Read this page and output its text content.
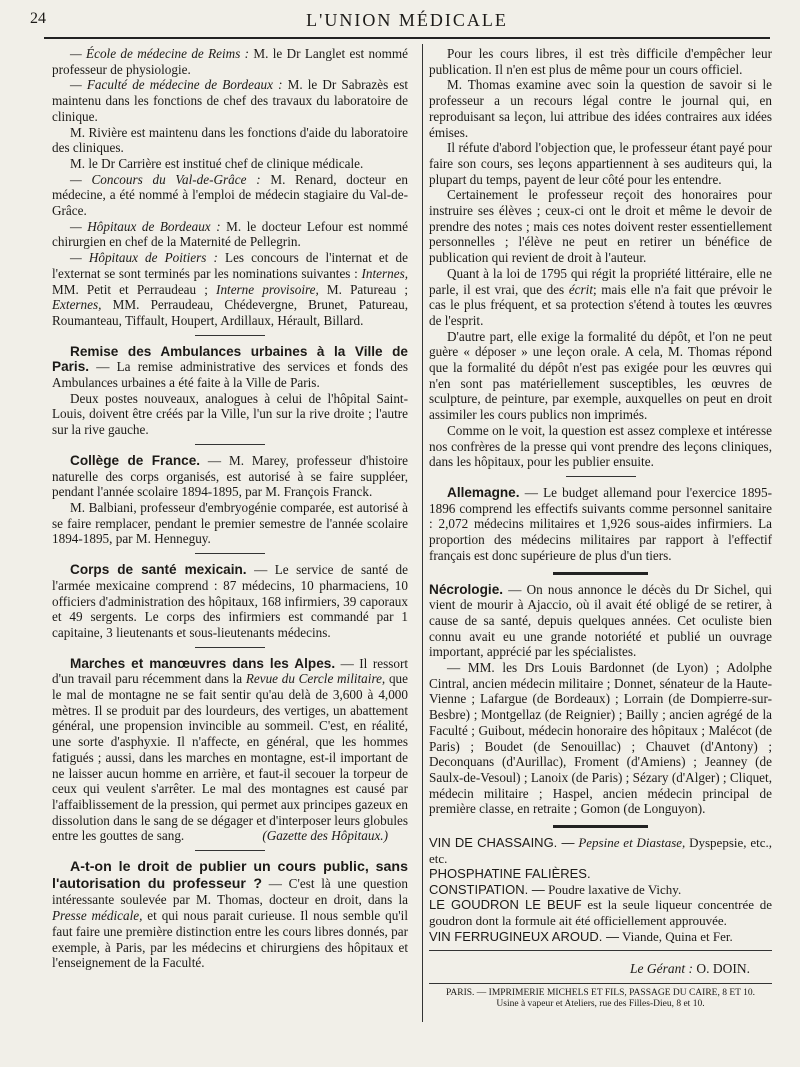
24	L'UNION MÉDICALE

— École de médecine de Reims : M. le Dr Langlet est nommé professeur de physiologie.

— Faculté de médecine de Bordeaux : M. le Dr Sabrazès est maintenu dans les fonctions de chef des travaux du laboratoire de clinique.

M. Rivière est maintenu dans les fonctions d'aide du laboratoire des cliniques.

M. le Dr Carrière est institué chef de clinique médicale.

— Concours du Val-de-Grâce : M. Renard, docteur en médecine, a été nommé à l'emploi de médecin stagiaire du Val-de-Grâce.

— Hôpitaux de Bordeaux : M. le docteur Lefour est nommé chirurgien en chef de la Maternité de Pellegrin.

— Hôpitaux de Poitiers : Les concours de l'internat et de l'externat se sont terminés par les nominations suivantes : Internes, MM. Petit et Perraudeau ; Interne provisoire, M. Patureau ; Externes, MM. Perraudeau, Chédevergne, Brunet, Patureau, Roumanteau, Tiffault, Houpert, Ardillaux, Hérault, Billard.

Remise des Ambulances urbaines à la Ville de Paris. — La remise administrative des services et fonds des Ambulances urbaines a été faite à la Ville de Paris.

Deux postes nouveaux, analogues à celui de l'hôpital Saint-Louis, doivent être créés par la Ville, l'un sur la rive droite ; l'autre sur la rive gauche.

Collège de France. — M. Marey, professeur d'histoire naturelle des corps organisés, est autorisé à se faire suppléer, pendant l'année scolaire 1894-1895, par M. François Franck.

M. Balbiani, professeur d'embryogénie comparée, est autorisé à se faire remplacer, pendant le premier semestre de l'année scolaire 1894-1895, par M. Henneguy.

Corps de santé mexicain. — Le service de santé de l'armée mexicaine comprend : 87 médecins, 10 pharmaciens, 10 officiers d'administration des hôpitaux, 168 infirmiers, 39 caporaux et 49 sergents. Le corps des infirmiers est commandé par 1 capitaine, 3 lieutenants et sous-lieutenants médecins.

Marches et manœuvres dans les Alpes. — Il ressort d'un travail paru récemment dans la Revue du Cercle militaire, que le mal de montagne ne se fait sentir qu'au delà de 3,600 à 4,000 mètres. Il se produit par des lourdeurs, des vertiges, un abattement général, une propension invincible au sommeil. C'est, en réalité, une sorte d'asphyxie. Il n'affecte, en général, que les hommes fatigués ; aussi, dans les marches en montagne, est-il important de ne laisser aucun homme en arrière, et faut-il secouer la torpeur de ceux qui veulent s'arrêter. Le mal des montagnes est causé par l'affaiblissement de la pression, qui permet aux principes gazeux en dissolution dans le sang de se dégager et d'interposer leurs globules entre les gouttes de sang.	(Gazette des Hôpitaux.)

A-t-on le droit de publier un cours public, sans l'autorisation du professeur ? — C'est là une question intéressante soulevée par M. Thomas, docteur en droit, dans la Presse médicale, et qui nous parait curieuse. Il nous semble qu'il faut faire une première distinction entre les cours libres donnés, par exemple, à Paris, par les médecins et chirurgiens des hôpitaux et l'enseignement de la Faculté.

Pour les cours libres, il est très difficile d'empêcher leur publication. Il n'en est plus de même pour un cours officiel.

M. Thomas examine avec soin la question de savoir si le professeur a un recours légal contre le journal qui, en reproduisant sa leçon, lui attribue des idées contraires aux idées émises.

Il réfute d'abord l'objection que, le professeur étant payé pour faire son cours, ses leçons appartiennent à ses auditeurs qui, la plupart du temps, payent de leur côté pour les entendre.

Certainement le professeur reçoit des honoraires pour instruire ses élèves ; ceux-ci ont le droit et même le devoir de prendre des notes ; mais ces notes doivent rester essentiellement personnelles ; l'élève ne peut en retirer un bénéfice de publication qui revient de droit à l'auteur.

Quant à la loi de 1795 qui régit la propriété littéraire, elle ne parle, il est vrai, que des écrit; mais elle n'a fait que prévoir le cas le plus fréquent, et sa protection s'étend à toutes les œuvres de l'esprit.

D'autre part, elle exige la formalité du dépôt, et l'on ne peut guère « déposer » une leçon orale. A cela, M. Thomas répond que la formalité du dépôt n'est pas exigée pour les œuvres qui n'en sont pas matériellement susceptibles, les œuvres de sculpture, de peinture, par exemple, auxquelles on peut en droit assimiler les cours publics non imprimés.

Comme on le voit, la question est assez complexe et intéresse nos confrères de la presse qui vont prendre des leçons cliniques, dans les hôpitaux, pour les publier ensuite.

Allemagne. — Le budget allemand pour l'exercice 1895-1896 comprend les effectifs suivants comme personnel sanitaire : 2,072 médecins militaires et 1,926 sous-aides infirmiers. La proportion des médecins militaires par rapport à l'effectif français est donc supérieure de plus d'un tiers.

Nécrologie. — On nous annonce le décès du Dr Sichel, qui vient de mourir à Ajaccio, où il avait été obligé de se retirer, à cause de sa santé, depuis quelques années. Cet oculiste bien connu avait eu une grande notoriété et publié un ouvrage important, apprécié par les spécialistes.

— MM. les Drs Louis Bardonnet (de Lyon) ; Adolphe Cintral, ancien médecin militaire ; Donnet, sénateur de la Haute-Vienne ; Lafargue (de Bordeaux) ; Lorrain (de Dompierre-sur-Besbre) ; Montgellaz (de Reignier) ; Bailly ; ancien agrégé de la Faculté ; Guibout, médecin honoraire des hôpitaux ; Malécot (de Paris) ; Boudet (de Senouillac) ; Chauvet (d'Antony) ; Deconquans (d'Aurillac), Froment (d'Amiens) ; Jeanney (de Saulx-de-Vesoul) ; Lanoix (de Paris) ; Sézary (d'Alger) ; Cliquet, médecin militaire ; Haspel, ancien médecin principal de première classe, en retraite ; Gomon (de Longuyon).

VIN DE CHASSAING. — Pepsine et Diastase, Dyspepsie, etc., etc.

PHOSPHATINE FALIÈRES.

CONSTIPATION. — Poudre laxative de Vichy.

LE GOUDRON LE BEUF est la seule liqueur concentrée de goudron dont la formule ait été officiellement approuvée.

VIN FERRUGINEUX AROUD. — Viande, Quina et Fer.

Le Gérant : O. DOIN.
PARIS. — IMPRIMERIE MICHELS ET FILS, PASSAGE DU CAIRE, 8 ET 10.
Usine à vapeur et Ateliers, rue des Filles-Dieu, 8 et 10.
